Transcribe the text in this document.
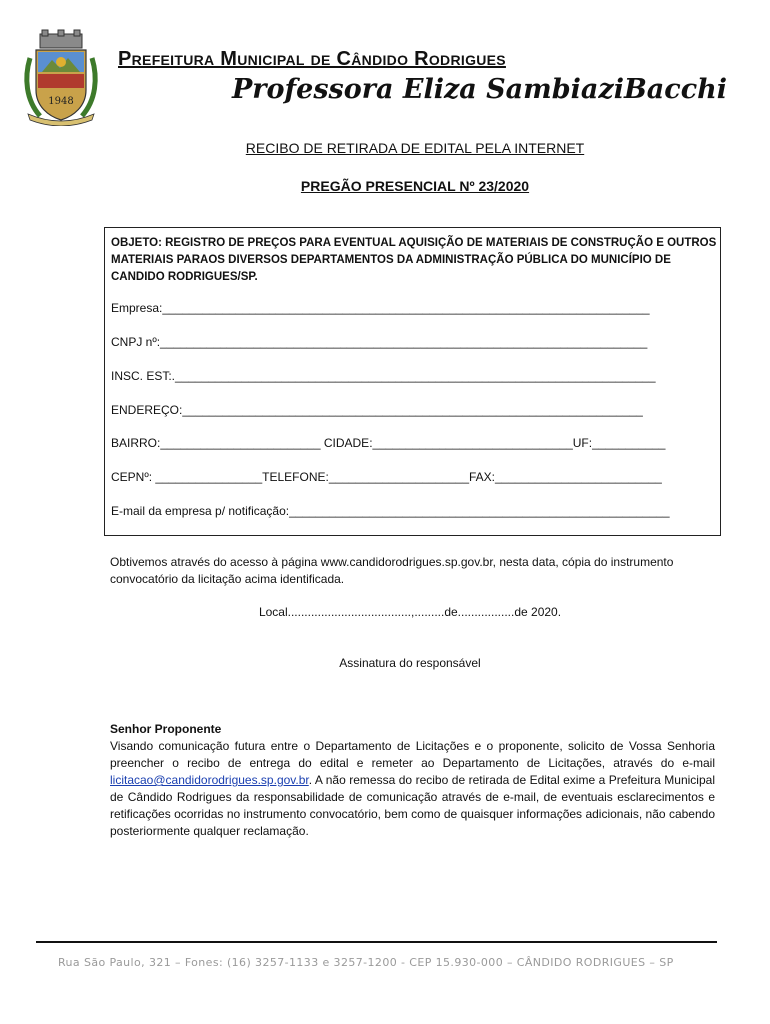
1948
Prefeitura Municipal de Cândido Rodrigues
Professora Eliza SambiaziBacchi
RECIBO DE RETIRADA DE EDITAL PELA INTERNET
PREGÃO PRESENCIAL Nº 23/2020
OBJETO: REGISTRO DE PREÇOS PARA EVENTUAL AQUISIÇÃO DE MATERIAIS DE CONSTRUÇÃO E OUTROS MATERIAIS PARAOS DIVERSOS DEPARTAMENTOS DA ADMINISTRAÇÃO PÚBLICA DO MUNICÍPIO DE CANDIDO RODRIGUES/SP.
Empresa:_________________________________________________________________________
CNPJ nº:_________________________________________________________________________
INSC. EST:.________________________________________________________________________
ENDEREÇO:_____________________________________________________________________
BAIRRO:________________________ CIDADE:______________________________UF:___________
CEPNº: ________________TELEFONE:_____________________FAX:_________________________
E-mail da empresa p/ notificação:_________________________________________________________
Obtivemos através do acesso à página www.candidorodrigues.sp.gov.br, nesta data, cópia do instrumento convocatório da licitação acima identificada.
Local.....................................,.........de.................de 2020.
Assinatura do responsável
Senhor Proponente
Visando comunicação futura entre o Departamento de Licitações e o proponente, solicito de Vossa Senhoria preencher o recibo de entrega do edital e remeter ao Departamento de Licitações, através do e-mail licitacao@candidorodrigues.sp.gov.br. A não remessa do recibo de retirada de Edital exime a Prefeitura Municipal de Cândido Rodrigues da responsabilidade de comunicação através de e-mail, de eventuais esclarecimentos e retificações ocorridas no instrumento convocatório, bem como de quaisquer informações adicionais, não cabendo posteriormente qualquer reclamação.
Rua São Paulo, 321 – Fones: (16) 3257-1133 e 3257-1200 - CEP 15.930-000 – CÂNDIDO RODRIGUES – SP
